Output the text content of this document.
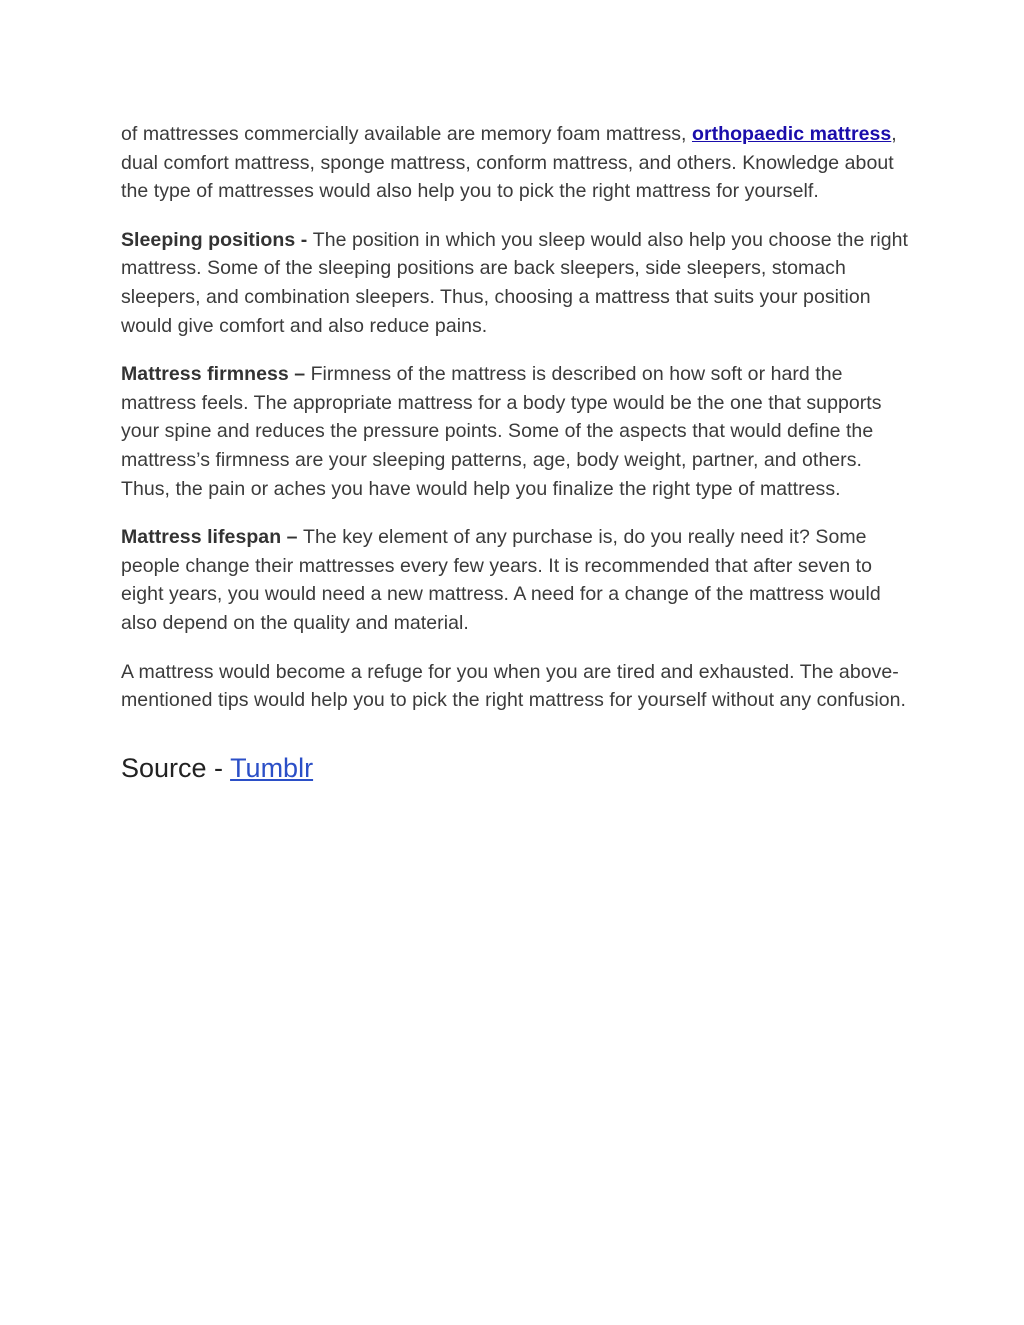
of mattresses commercially available are memory foam mattress, orthopaedic mattress, dual comfort mattress, sponge mattress, conform mattress, and others. Knowledge about the type of mattresses would also help you to pick the right mattress for yourself.

Sleeping positions - The position in which you sleep would also help you choose the right mattress. Some of the sleeping positions are back sleepers, side sleepers, stomach sleepers, and combination sleepers. Thus, choosing a mattress that suits your position would give comfort and also reduce pains.

Mattress firmness – Firmness of the mattress is described on how soft or hard the mattress feels. The appropriate mattress for a body type would be the one that supports your spine and reduces the pressure points. Some of the aspects that would define the mattress’s firmness are your sleeping patterns, age, body weight, partner, and others. Thus, the pain or aches you have would help you finalize the right type of mattress.

Mattress lifespan – The key element of any purchase is, do you really need it? Some people change their mattresses every few years. It is recommended that after seven to eight years, you would need a new mattress. A need for a change of the mattress would also depend on the quality and material.

A mattress would become a refuge for you when you are tired and exhausted. The above-mentioned tips would help you to pick the right mattress for yourself without any confusion.

Source - Tumblr
